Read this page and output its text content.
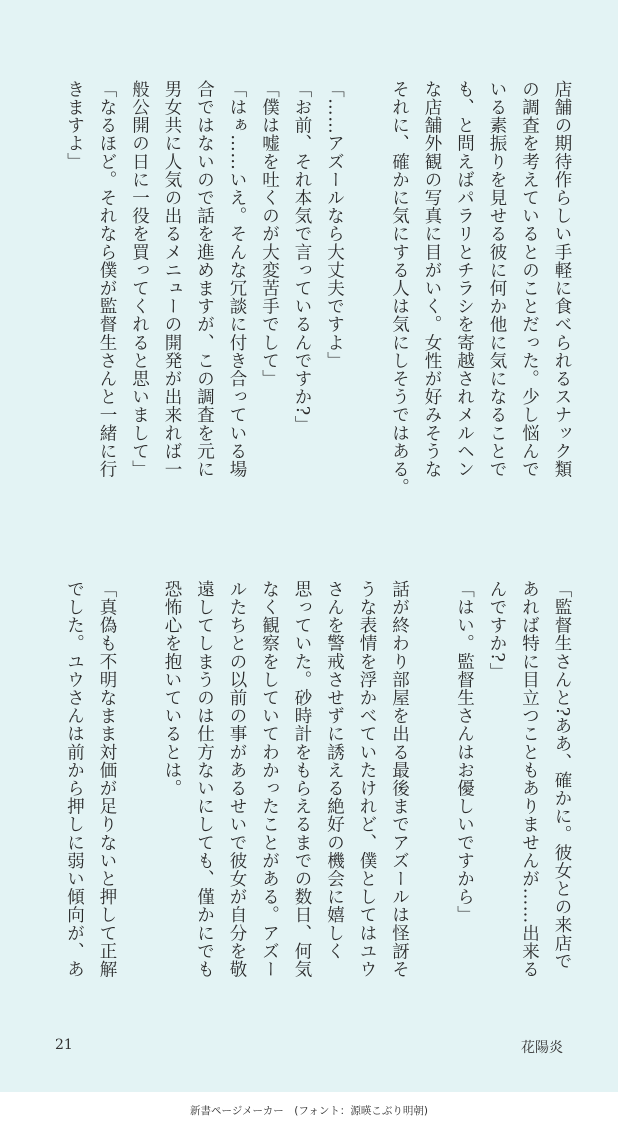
店舗の期待作らしい手軽に食べられるスナック類
の調査を考えているとのことだった。少し悩んで
いる素振りを見せる彼に何か他に気になることで
も、と問えばパラリとチラシを寄越されメルヘン
な店舗外観の写真に目がいく。女性が好みそうな
それに、確かに気にする人は気にしそうではある。

「……アズールなら大丈夫ですよ」
「お前、それ本気で言っているんですか?」
「僕は嘘を吐くのが大変苦手でして」
「はぁ……いえ。そんな冗談に付き合っている場
合ではないので話を進めますが、この調査を元に
男女共に人気の出るメニューの開発が出来れば一
般公開の日に一役を買ってくれると思いまして」
「なるほど。それなら僕が監督生さんと一緒に行
きますよ」
「監督生さんと?ああ、確かに。彼女との来店で
あれば特に目立つこともありませんが……出来る
んですか?」
「はい。監督生さんはお優しいですから」

話が終わり部屋を出る最後までアズールは怪訝そ
うな表情を浮かべていたけれど、僕としてはユウ
さんを警戒させずに誘える絶好の機会に嬉しく
思っていた。砂時計をもらえるまでの数日、何気
なく観察をしていてわかったことがある。アズー
ルたちとの以前の事があるせいで彼女が自分を敬
遠してしまうのは仕方ないにしても、僅かにでも
恐怖心を抱いているとは。

「真偽も不明なまま対価が足りないと押して正解
でした。ユウさんは前から押しに弱い傾向が、あ
21	花陽炎
新書ページメーカー　(フォント：源暎こぶり明朝)
